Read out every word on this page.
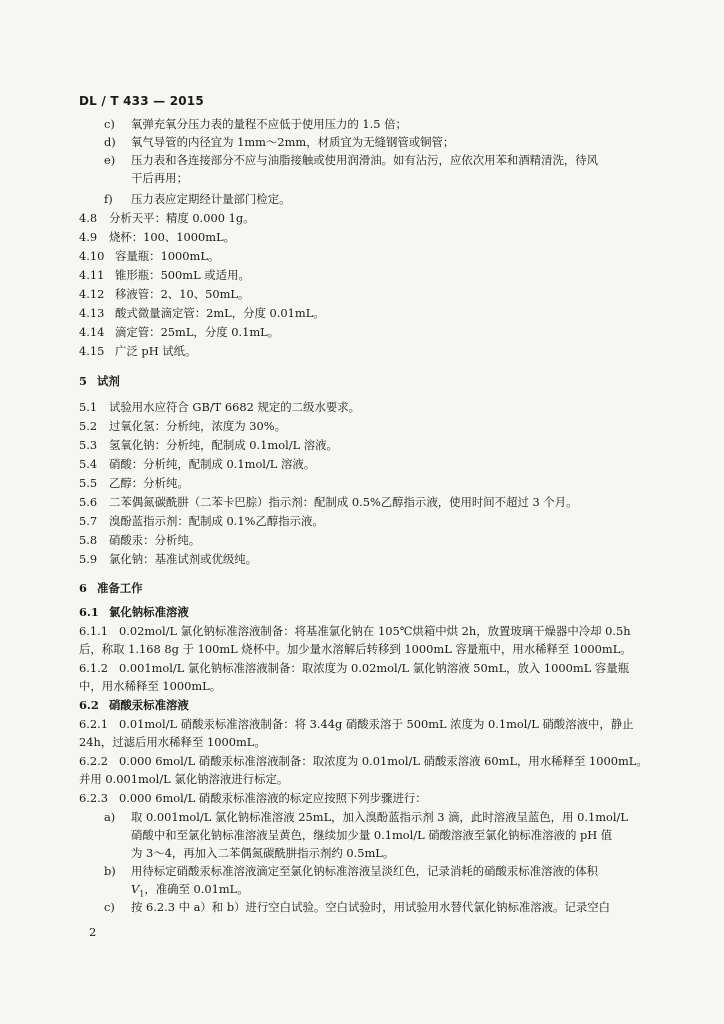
DL / T 433 — 2015
c) 氧弹充氧分压力表的量程不应低于使用压力的 1.5 倍；
d) 氧气导管的内径宜为 1mm～2mm，材质宜为无缝钢管或铜管；
e) 压力表和各连接部分不应与油脂接触或使用润滑油。如有沾污，应依次用苯和酒精清洗，待风
干后再用；
f) 压力表应定期经计量部门检定。
4.8 分析天平：精度 0.000 1g。
4.9 烧杯：100、1000mL。
4.10 容量瓶：1000mL。
4.11 锥形瓶：500mL 或适用。
4.12 移液管：2、10、50mL。
4.13 酸式微量滴定管：2mL，分度 0.01mL。
4.14 滴定管：25mL，分度 0.1mL。
4.15 广泛 pH 试纸。
5 试剂
5.1 试验用水应符合 GB/T 6682 规定的二级水要求。
5.2 过氧化氢：分析纯，浓度为 30%。
5.3 氢氧化钠：分析纯，配制成 0.1mol/L 溶液。
5.4 硝酸：分析纯，配制成 0.1mol/L 溶液。
5.5 乙醇：分析纯。
5.6 二苯偶氮碳酰肼（二苯卡巴腙）指示剂：配制成 0.5%乙醇指示液，使用时间不超过 3 个月。
5.7 溴酚蓝指示剂：配制成 0.1%乙醇指示液。
5.8 硝酸汞：分析纯。
5.9 氯化钠：基准试剂或优级纯。
6 准备工作
6.1 氯化钠标准溶液
6.1.1 0.02mol/L 氯化钠标准溶液制备：将基准氯化钠在 105℃烘箱中烘 2h，放置玻璃干燥器中冷却 0.5h
后，称取 1.168 8g 于 100mL 烧杯中。加少量水溶解后转移到 1000mL 容量瓶中，用水稀释至 1000mL。
6.1.2 0.001mol/L 氯化钠标准溶液制备：取浓度为 0.02mol/L 氯化钠溶液 50mL，放入 1000mL 容量瓶
中，用水稀释至 1000mL。
6.2 硝酸汞标准溶液
6.2.1 0.01mol/L 硝酸汞标准溶液制备：将 3.44g 硝酸汞溶于 500mL 浓度为 0.1mol/L 硝酸溶液中，静止
24h，过滤后用水稀释至 1000mL。
6.2.2 0.000 6mol/L 硝酸汞标准溶液制备：取浓度为 0.01mol/L 硝酸汞溶液 60mL，用水稀释至 1000mL。
并用 0.001mol/L 氯化钠溶液进行标定。
6.2.3 0.000 6mol/L 硝酸汞标准溶液的标定应按照下列步骤进行：
a) 取 0.001mol/L 氯化钠标准溶液 25mL，加入溴酚蓝指示剂 3 滴，此时溶液呈蓝色，用 0.1mol/L
硝酸中和至氯化钠标准溶液呈黄色，继续加少量 0.1mol/L 硝酸溶液至氯化钠标准溶液的 pH 值
为 3～4，再加入二苯偶氮碳酰肼指示剂约 0.5mL。
b) 用待标定硝酸汞标准溶液滴定至氯化钠标准溶液呈淡红色，记录消耗的硝酸汞标准溶液的体积
$V_1$，准确至 0.01mL。
c) 按 6.2.3 中 a）和 b）进行空白试验。空白试验时，用试验用水替代氯化钠标准溶液。记录空白
2
